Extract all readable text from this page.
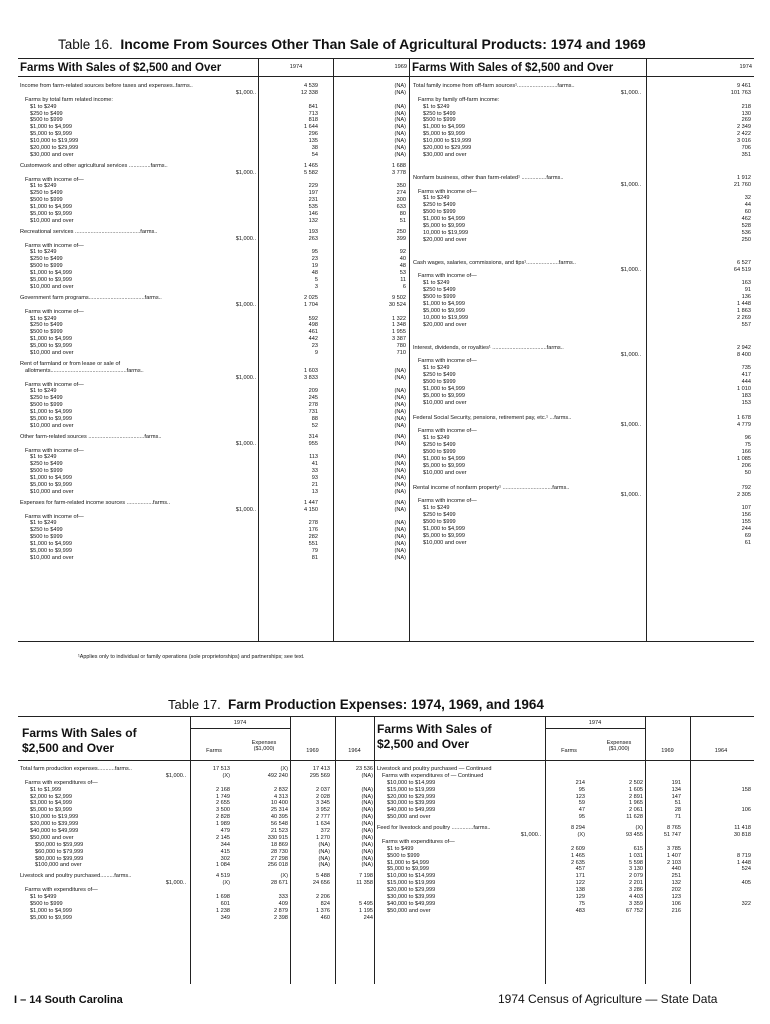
Table 16. Income From Sources Other Than Sale of Agricultural Products: 1974 and 1969
Farms With Sales of $2,500 and Over	1974	1969 Farms With Sales of $2,500 and Over	1974
Income from farm-related sources before taxes and expenses..farms..	4 539	(NA)
$1,000..	12 338	(NA)
Farms by total farm related income:
$1 to $249	841	(NA)
$250 to $499	713	(NA)
$500 to $999	818	(NA)
$1,000 to $4,999	1 644	(NA)
$5,000 to $9,999	296	(NA)
$10,000 to $19,999	135	(NA)
$20,000 to $29,999	38	(NA)
$30,000 and over	54	(NA)
Customwork and other agricultural services ..............farms..	1 465	1 688
$1,000..	5 582	3 778
Farms with income of—
$1 to $249	229	350
$250 to $499	197	274
$500 to $999	231	300
$1,000 to $4,999	535	633
$5,000 to $9,999	146	80
$10,000 and over	132	51
Recreational services ..........................................farms..	193	250
$1,000..	263	399
Farms with income of—
$1 to $249	95	92
$250 to $499	23	40
$500 to $999	19	48
$1,000 to $4,999	48	53
$5,000 to $9,999	5	11
$10,000 and over	3	6
Government farm programs....................................farms..	2 025	9 502
$1,000..	1 704	30 524
Farms with income of—
$1 to $249	592	1 322
$250 to $499	498	1 348
$500 to $999	461	1 955
$1,000 to $4,999	442	3 387
$5,000 to $9,999	23	780
$10,000 and over	9	710
Rent of farmland or from lease or sale of
allotments.................................................farms..	1 603	(NA)
$1,000..	3 833	(NA)
Farms with income of—
$1 to $249	209	(NA)
$250 to $499	245	(NA)
$500 to $999	278	(NA)
$1,000 to $4,999	731	(NA)
$5,000 to $9,999	88	(NA)
$10,000 and over	52	(NA)
Other farm-related sources ....................................farms..	314	(NA)
$1,000..	955	(NA)
Farms with income of—
$1 to $249	113	(NA)
$250 to $499	41	(NA)
$500 to $999	33	(NA)
$1,000 to $4,999	93	(NA)
$5,000 to $9,999	21	(NA)
$10,000 and over	13	(NA)
Expenses for farm-related income sources .................farms..	1 447	(NA)
$1,000..	4 150	(NA)
Farms with income of—
$1 to $249	278	(NA)
$250 to $499	176	(NA)
$500 to $999	282	(NA)
$1,000 to $4,999	551	(NA)
$5,000 to $9,999	79	(NA)
$10,000 and over	81	(NA)
Total family income from off-farm sources¹..........................farms..	9 461
$1,000..	101 763
Farms by family off-farm income:
$1 to $249	218
$250 to $499	130
$500 to $999	269
$1,000 to $4,999	2 349
$5,000 to $9,999	2 422
$10,000 to $19,999	3 016
$20,000 to $29,999	706
$30,000 and over	351
Nonfarm business, other than farm-related¹ ................farms..	1 912
$1,000..	21 760
Farms with income of—
$1 to $249	32
$250 to $499	44
$500 to $999	60
$1,000 to $4,999	462
$5,000 to $9,999	528
10,000 to $19,999	536
$20,000 and over	250
Cash wages, salaries, commissions, and tips¹.....................farms..	6 527
$1,000..	64 519
Farms with income of—
$1 to $249	163
$250 to $499	91
$500 to $999	136
$1,000 to $4,999	1 448
$5,000 to $9,999	1 863
10,000 to $19,999	2 269
$20,000 and over	557
Interest, dividends, or royalties¹ ...................................farms..	2 942
$1,000..	8 400
Farms with income of—
$1 to $249	735
$250 to $499	417
$500 to $999	444
$1,000 to $4,999	1 010
$5,000 to $9,999	183
$10,000 and over	153
Federal Social Security, pensions, retirement pay, etc.¹ ...farms..	1 678
$1,000..	4 779
Farms with income of—
$1 to $249	96
$250 to $499	75
$500 to $999	166
$1,000 to $4,999	1 085
$5,000 to $9,999	206
$10,000 and over	50
Rental income of nonfarm property¹ ................................farms..	792
$1,000..	2 305
Farms with income of—
$1 to $249	107
$250 to $499	156
$500 to $999	155
$1,000 to $4,999	244
$5,000 to $9,999	69
$10,000 and over	61
¹Applies only to individual or family operations (sole proprietorships) and partnerships; see text.
Table 17. Farm Production Expenses: 1974, 1969, and 1964
Farms With Sales of
$2,500 and Over
Farms With Sales of
$2,500 and Over
1974
Farms
Expenses
($1,000)	1969	1964
1974
Farms
Expenses
($1,000)	1969	1964
Total farm production expenses...........farms..	17 513	(X)	17 413	23 536
$1,000..	(X)	492 240	295 569	(NA)
Farms with expenditures of—
$1 to $1,999	2 168	2 832	2 037	(NA)
$2,000 to $2,999	1 749	4 313	2 028	(NA)
$3,000 to $4,999	2 655	10 400	3 345	(NA)
$5,000 to $9,999	3 500	25 314	3 952	(NA)
$10,000 to $19,999	2 828	40 395	2 777	(NA)
$20,000 to $39,999	1 989	56 548	1 634	(NA)
$40,000 to $49,999	479	21 523	372	(NA)
$50,000 and over	2 145	330 915	1 270	(NA)
$50,000 to $59,999	344	18 869	(NA)	(NA)
$60,000 to $79,999	415	28 730	(NA)	(NA)
$80,000 to $99,999	302	27 298	(NA)	(NA)
$100,000 and over	1 084	256 018	(NA)	(NA)
Livestock and poultry purchased.........farms..	4 519	(X)	5 488	7 198
$1,000..	(X)	28 671	24 656	11 358
Farms with expenditures of—
$1 to $499	1 698	333	2 206
$500 to $999	601	409	824	5 495
$1,000 to $4,999	1 238	2 879	1 376	1 195
$5,000 to $9,999	349	2 398	460	244
Livestock and poultry purchased — Continued
Farms with expenditures of — Continued
$10,000 to $14,999	214	2 502	191
$15,000 to $19,999	95	1 605	134	158
$20,000 to $29,999	123	2 891	147
$30,000 to $39,999	59	1 965	51
$40,000 to $49,999	47	2 061	28	106
$50,000 and over	95	11 628	71
Feed for livestock and poultry ..............farms..	8 294	(X)	8 765	11 418
$1,000..	(X)	93 455	51 747	30 818
Farms with expenditures of—
$1 to $499	2 609	615	3 785
$500 to $999	1 465	1 031	1 407	8 719
$1,000 to $4,999	2 635	5 598	2 103	1 448
$5,000 to $9,999	457	3 130	440	524
$10,000 to $14,999	171	2 079	251
$15,000 to $19,999	122	2 201	132	405
$20,000 to $29,999	138	3 286	202
$30,000 to $39,999	129	4 403	123
$40,000 to $49,999	75	3 359	106	322
$50,000 and over	483	67 752	216
I – 14 South Carolina	1974 Census of Agriculture — State Data
